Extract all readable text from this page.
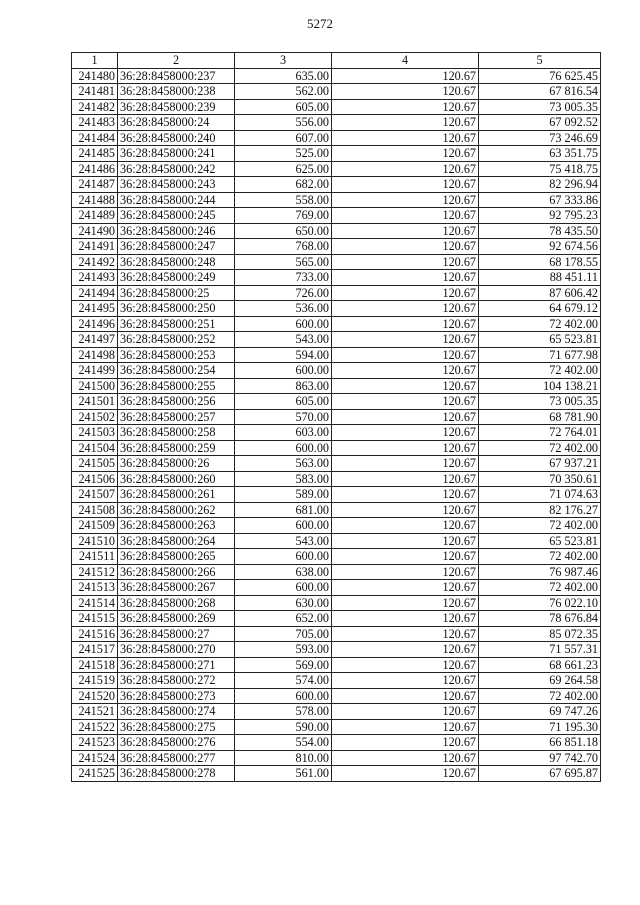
5272
1	2	3	4	5
241480	36:28:8458000:237	635.00	120.67	76 625.45
241481	36:28:8458000:238	562.00	120.67	67 816.54
241482	36:28:8458000:239	605.00	120.67	73 005.35
241483	36:28:8458000:24	556.00	120.67	67 092.52
241484	36:28:8458000:240	607.00	120.67	73 246.69
241485	36:28:8458000:241	525.00	120.67	63 351.75
241486	36:28:8458000:242	625.00	120.67	75 418.75
241487	36:28:8458000:243	682.00	120.67	82 296.94
241488	36:28:8458000:244	558.00	120.67	67 333.86
241489	36:28:8458000:245	769.00	120.67	92 795.23
241490	36:28:8458000:246	650.00	120.67	78 435.50
241491	36:28:8458000:247	768.00	120.67	92 674.56
241492	36:28:8458000:248	565.00	120.67	68 178.55
241493	36:28:8458000:249	733.00	120.67	88 451.11
241494	36:28:8458000:25	726.00	120.67	87 606.42
241495	36:28:8458000:250	536.00	120.67	64 679.12
241496	36:28:8458000:251	600.00	120.67	72 402.00
241497	36:28:8458000:252	543.00	120.67	65 523.81
241498	36:28:8458000:253	594.00	120.67	71 677.98
241499	36:28:8458000:254	600.00	120.67	72 402.00
241500	36:28:8458000:255	863.00	120.67	104 138.21
241501	36:28:8458000:256	605.00	120.67	73 005.35
241502	36:28:8458000:257	570.00	120.67	68 781.90
241503	36:28:8458000:258	603.00	120.67	72 764.01
241504	36:28:8458000:259	600.00	120.67	72 402.00
241505	36:28:8458000:26	563.00	120.67	67 937.21
241506	36:28:8458000:260	583.00	120.67	70 350.61
241507	36:28:8458000:261	589.00	120.67	71 074.63
241508	36:28:8458000:262	681.00	120.67	82 176.27
241509	36:28:8458000:263	600.00	120.67	72 402.00
241510	36:28:8458000:264	543.00	120.67	65 523.81
241511	36:28:8458000:265	600.00	120.67	72 402.00
241512	36:28:8458000:266	638.00	120.67	76 987.46
241513	36:28:8458000:267	600.00	120.67	72 402.00
241514	36:28:8458000:268	630.00	120.67	76 022.10
241515	36:28:8458000:269	652.00	120.67	78 676.84
241516	36:28:8458000:27	705.00	120.67	85 072.35
241517	36:28:8458000:270	593.00	120.67	71 557.31
241518	36:28:8458000:271	569.00	120.67	68 661.23
241519	36:28:8458000:272	574.00	120.67	69 264.58
241520	36:28:8458000:273	600.00	120.67	72 402.00
241521	36:28:8458000:274	578.00	120.67	69 747.26
241522	36:28:8458000:275	590.00	120.67	71 195.30
241523	36:28:8458000:276	554.00	120.67	66 851.18
241524	36:28:8458000:277	810.00	120.67	97 742.70
241525	36:28:8458000:278	561.00	120.67	67 695.87
